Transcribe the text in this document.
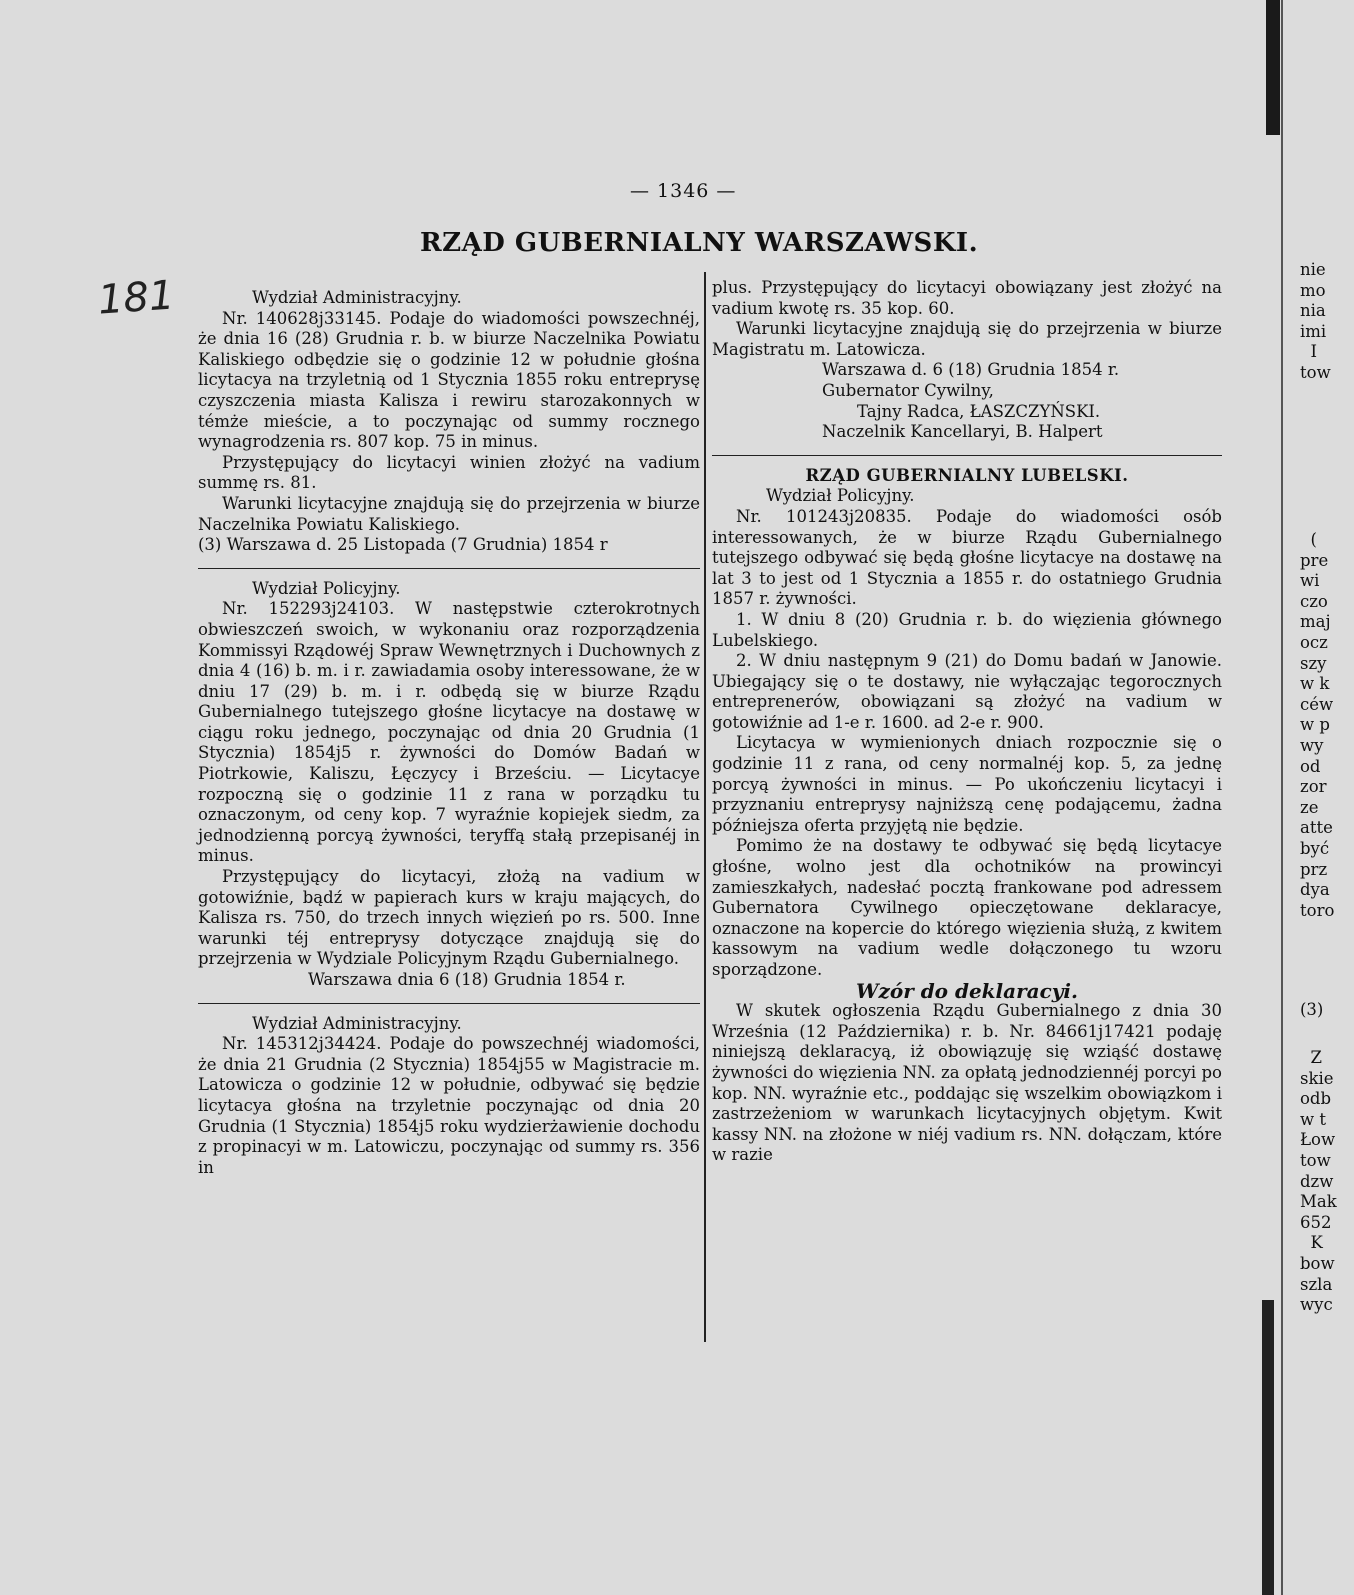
181
— 1346 —
RZĄD GUBERNIALNY WARSZAWSKI.

Wydział Administracyjny.

Nr. 140628j33145. Podaje do wiadomości powszechnéj, że dnia 16 (28) Grudnia r. b. w biurze Naczelnika Powiatu Kaliskiego odbędzie się o godzinie 12 w południe głośna licytacya na trzyletnią od 1 Stycznia 1855 roku entreprysę czyszczenia miasta Kalisza i rewiru starozakonnych w témże mieście, a to poczynając od summy rocznego wynagrodzenia rs. 807 kop. 75 in minus.

Przystępujący do licytacyi winien złożyć na vadium summę rs. 81.

Warunki licytacyjne znajdują się do przejrzenia w biurze Naczelnika Powiatu Kaliskiego.

(3) Warszawa d. 25 Listopada (7 Grudnia) 1854 r

Wydział Policyjny.

Nr. 152293j24103. W następstwie czterokrotnych obwieszczeń swoich, w wykonaniu oraz rozporządzenia Kommissyi Rządowéj Spraw Wewnętrznych i Duchownych z dnia 4 (16) b. m. i r. zawiadamia osoby interessowane, że w dniu 17 (29) b. m. i r. odbędą się w biurze Rządu Gubernialnego tutejszego głośne licytacye na dostawę w ciągu roku jednego, poczynając od dnia 20 Grudnia (1 Stycznia) 1854j5 r. żywności do Domów Badań w Piotrkowie, Kaliszu, Łęczycy i Brześciu. — Licytacye rozpoczną się o godzinie 11 z rana w porządku tu oznaczonym, od ceny kop. 7 wyraźnie kopiejek siedm, za jednodzienną porcyą żywności, teryffą stałą przepisanéj in minus.

Przystępujący do licytacyi, złożą na vadium w gotowiźnie, bądź w papierach kurs w kraju mających, do Kalisza rs. 750, do trzech innych więzień po rs. 500. Inne warunki téj entreprysy dotyczące znajdują się do przejrzenia w Wydziale Policyjnym Rządu Gubernialnego.

Warszawa dnia 6 (18) Grudnia 1854 r.

Wydział Administracyjny.

Nr. 145312j34424. Podaje do powszechnéj wiadomości, że dnia 21 Grudnia (2 Stycznia) 1854j55 w Magistracie m. Latowicza o godzinie 12 w południe, odbywać się będzie licytacya głośna na trzyletnie poczynając od dnia 20 Grudnia (1 Stycznia) 1854j5 roku wydzierżawienie dochodu z propinacyi w m. Latowiczu, poczynając od summy rs. 356 in

plus. Przystępujący do licytacyi obowiązany jest złożyć na vadium kwotę rs. 35 kop. 60.

Warunki licytacyjne znajdują się do przejrzenia w biurze Magistratu m. Latowicza.

Warszawa d. 6 (18) Grudnia 1854 r.

Gubernator Cywilny,

Tajny Radca, ŁASZCZYŃSKI.

Naczelnik Kancellaryi, B. Halpert

RZĄD GUBERNIALNY LUBELSKI.

Wydział Policyjny.

Nr. 101243j20835. Podaje do wiadomości osób interessowanych, że w biurze Rządu Gubernialnego tutejszego odbywać się będą głośne licytacye na dostawę na lat 3 to jest od 1 Stycznia a 1855 r. do ostatniego Grudnia 1857 r. żywności.

1. W dniu 8 (20) Grudnia r. b. do więzienia głównego Lubelskiego.

2. W dniu następnym 9 (21) do Domu badań w Janowie. Ubiegający się o te dostawy, nie wyłączając tegorocznych entreprenerów, obowiązani są złożyć na vadium w gotowiźnie ad 1-e r. 1600. ad 2-e r. 900.

Licytacya w wymienionych dniach rozpocznie się o godzinie 11 z rana, od ceny normalnéj kop. 5, za jednę porcyą żywności in minus. — Po ukończeniu licytacyi i przyznaniu entreprysy najniższą cenę podającemu, żadna późniejsza oferta przyjętą nie będzie.

Pomimo że na dostawy te odbywać się będą licytacye głośne, wolno jest dla ochotników na prowincyi zamieszkałych, nadesłać pocztą frankowane pod adressem Gubernatora Cywilnego opieczętowane deklaracye, oznaczone na kopercie do którego więzienia służą, z kwitem kassowym na vadium wedle dołączonego tu wzoru sporządzone.

Wzór do deklaracyi.

W skutek ogłoszenia Rządu Gubernialnego z dnia 30 Września (12 Października) r. b. Nr. 84661j17421 podaję niniejszą deklaracyą, iż obowiązuję się wziąść dostawę żywności do więzienia NN. za opłatą jednodziennéj porcyi po kop. NN. wyraźnie etc., poddając się wszelkim obowiązkom i zastrzeżeniom w warunkach licytacyjnych objętym. Kwit kassy NN. na złożone w niéj vadium rs. NN. dołączam, które w razie

nie
mo
nia
imi
I
tow
(
pre
wi
czo
maj
ocz
szy
w k
céw
w p
wy
od
zor
ze
atte
być
prz
dya
toro
(3)
Z
skie
odb
w t
Łow
tow
dzw
Mak
652
K
bow
szla
wyc
